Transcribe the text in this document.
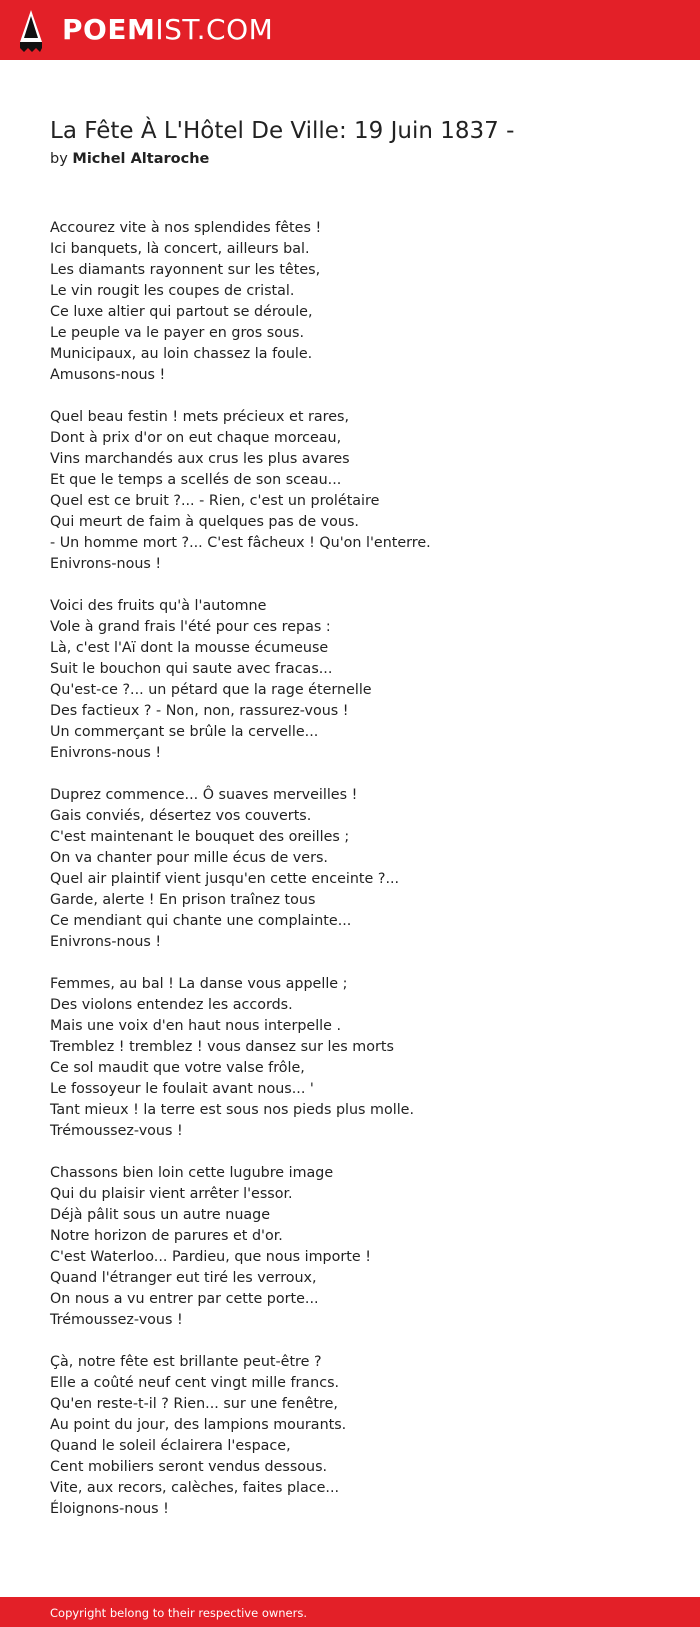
POEMIST.COM
La Fête À L'Hôtel De Ville: 19 Juin 1837 -
by Michel Altaroche
Accourez vite à nos splendides fêtes !
Ici banquets, là concert, ailleurs bal.
Les diamants rayonnent sur les têtes,
Le vin rougit les coupes de cristal.
Ce luxe altier qui partout se déroule,
Le peuple va le payer en gros sous.
Municipaux, au loin chassez la foule.
Amusons-nous !
Quel beau festin ! mets précieux et rares,
Dont à prix d'or on eut chaque morceau,
Vins marchandés aux crus les plus avares
Et que le temps a scellés de son sceau...
Quel est ce bruit ?... - Rien, c'est un prolétaire
Qui meurt de faim à quelques pas de vous.
- Un homme mort ?... C'est fâcheux ! Qu'on l'enterre.
Enivrons-nous !
Voici des fruits qu'à l'automne
Vole à grand frais l'été pour ces repas :
Là, c'est l'Aï dont la mousse écumeuse
Suit le bouchon qui saute avec fracas...
Qu'est-ce ?... un pétard que la rage éternelle
Des factieux ? - Non, non, rassurez-vous !
Un commerçant se brûle la cervelle...
Enivrons-nous !
Duprez commence... Ô suaves merveilles !
Gais conviés, désertez vos couverts.
C'est maintenant le bouquet des oreilles ;
On va chanter pour mille écus de vers.
Quel air plaintif vient jusqu'en cette enceinte ?...
Garde, alerte ! En prison traînez tous
Ce mendiant qui chante une complainte...
Enivrons-nous !
Femmes, au bal ! La danse vous appelle ;
Des violons entendez les accords.
Mais une voix d'en haut nous interpelle .
Tremblez ! tremblez ! vous dansez sur les morts
Ce sol maudit que votre valse frôle,
Le fossoyeur le foulait avant nous... '
Tant mieux ! la terre est sous nos pieds plus molle.
Trémoussez-vous !
Chassons bien loin cette lugubre image
Qui du plaisir vient arrêter l'essor.
Déjà pâlit sous un autre nuage
Notre horizon de parures et d'or.
C'est Waterloo... Pardieu, que nous importe !
Quand l'étranger eut tiré les verroux,
On nous a vu entrer par cette porte...
Trémoussez-vous !
Çà, notre fête est brillante peut-être ?
Elle a coûté neuf cent vingt mille francs.
Qu'en reste-t-il ? Rien... sur une fenêtre,
Au point du jour, des lampions mourants.
Quand le soleil éclairera l'espace,
Cent mobiliers seront vendus dessous.
Vite, aux recors, calèches, faites place...
Éloignons-nous !
Copyright belong to their respective owners.
